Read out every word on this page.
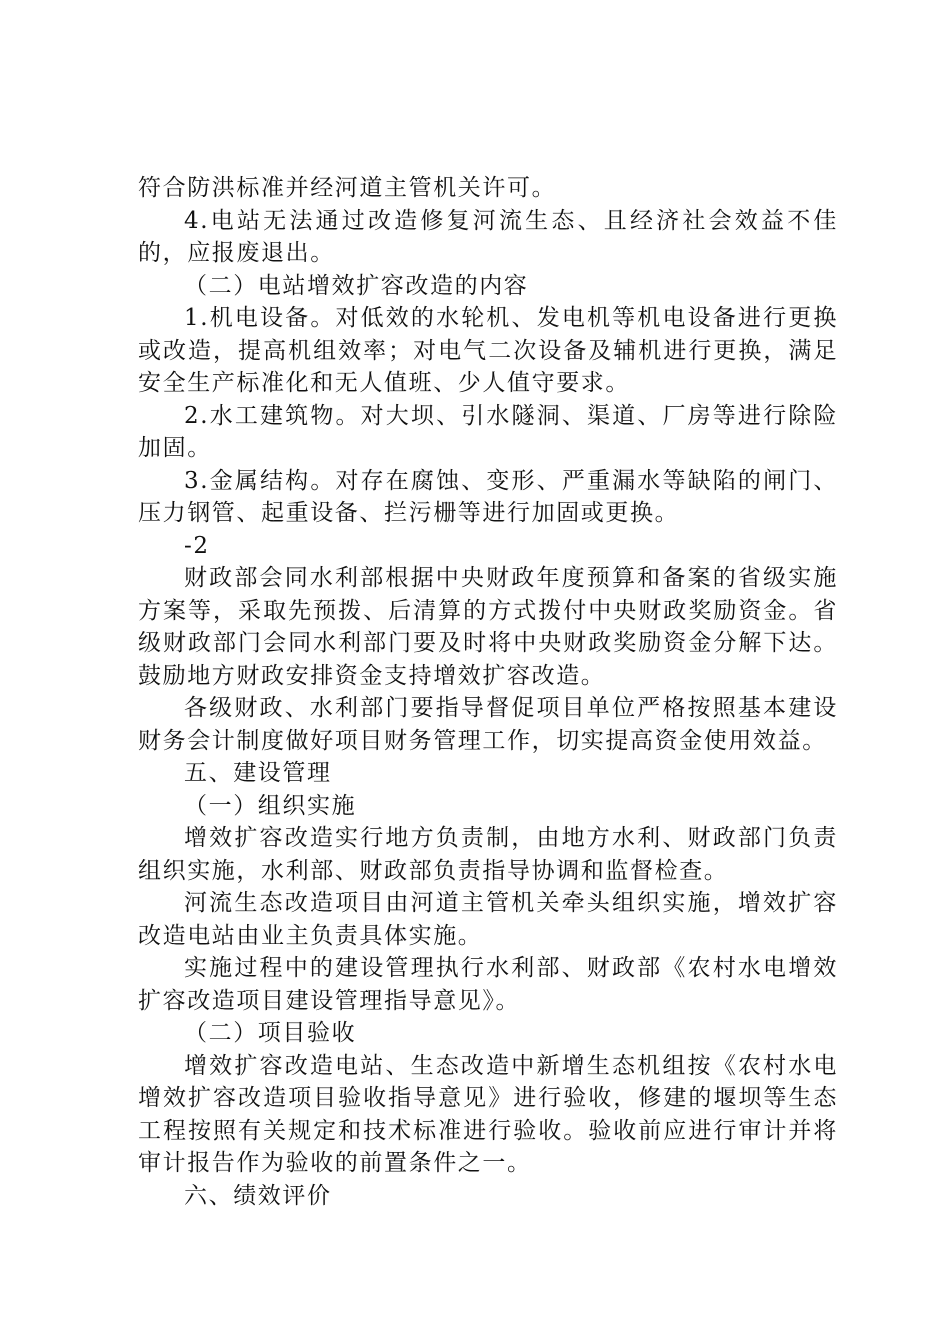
符合防洪标准并经河道主管机关许可。

4.电站无法通过改造修复河流生态、且经济社会效益不佳的，应报废退出。

（二）电站增效扩容改造的内容

1.机电设备。对低效的水轮机、发电机等机电设备进行更换或改造，提高机组效率；对电气二次设备及辅机进行更换，满足安全生产标准化和无人值班、少人值守要求。

2.水工建筑物。对大坝、引水隧洞、渠道、厂房等进行除险加固。

3.金属结构。对存在腐蚀、变形、严重漏水等缺陷的闸门、压力钢管、起重设备、拦污栅等进行加固或更换。

-2

财政部会同水利部根据中央财政年度预算和备案的省级实施方案等，采取先预拨、后清算的方式拨付中央财政奖励资金。省级财政部门会同水利部门要及时将中央财政奖励资金分解下达。鼓励地方财政安排资金支持增效扩容改造。

各级财政、水利部门要指导督促项目单位严格按照基本建设财务会计制度做好项目财务管理工作，切实提高资金使用效益。

五、建设管理

（一）组织实施

增效扩容改造实行地方负责制，由地方水利、财政部门负责组织实施，水利部、财政部负责指导协调和监督检查。

河流生态改造项目由河道主管机关牵头组织实施，增效扩容改造电站由业主负责具体实施。

实施过程中的建设管理执行水利部、财政部《农村水电增效扩容改造项目建设管理指导意见》。

（二）项目验收

增效扩容改造电站、生态改造中新增生态机组按《农村水电增效扩容改造项目验收指导意见》进行验收，修建的堰坝等生态工程按照有关规定和技术标准进行验收。验收前应进行审计并将审计报告作为验收的前置条件之一。

六、绩效评价
